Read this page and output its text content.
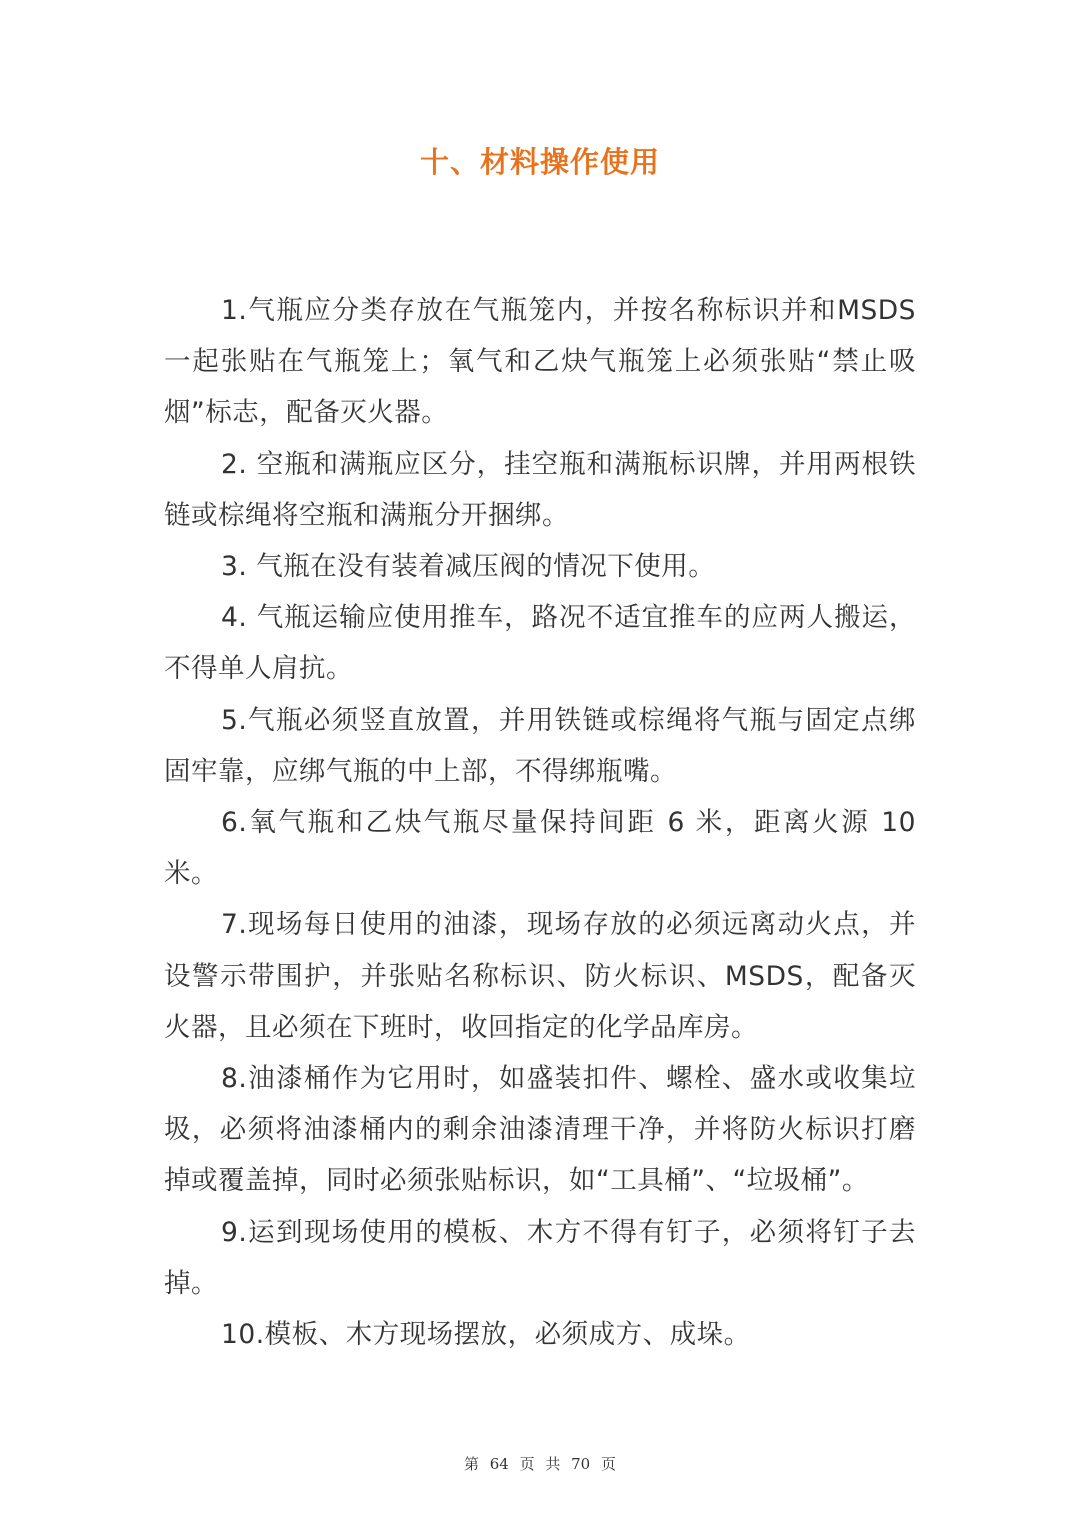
十、材料操作使用

1.气瓶应分类存放在气瓶笼内，并按名称标识并和MSDS 一起张贴在气瓶笼上；氧气和乙炔气瓶笼上必须张贴“禁止吸烟”标志，配备灭火器。

2. 空瓶和满瓶应区分，挂空瓶和满瓶标识牌，并用两根铁链或棕绳将空瓶和满瓶分开捆绑。

3. 气瓶在没有装着减压阀的情况下使用。

4. 气瓶运输应使用推车，路况不适宜推车的应两人搬运，不得单人肩抗。

5.气瓶必须竖直放置，并用铁链或棕绳将气瓶与固定点绑固牢靠，应绑气瓶的中上部，不得绑瓶嘴。

6.氧气瓶和乙炔气瓶尽量保持间距 6 米，距离火源 10 米。

7.现场每日使用的油漆，现场存放的必须远离动火点，并设警示带围护，并张贴名称标识、防火标识、MSDS，配备灭火器，且必须在下班时，收回指定的化学品库房。

8.油漆桶作为它用时，如盛装扣件、螺栓、盛水或收集垃圾，必须将油漆桶内的剩余油漆清理干净，并将防火标识打磨掉或覆盖掉，同时必须张贴标识，如“工具桶”、“垃圾桶”。

9.运到现场使用的模板、木方不得有钉子，必须将钉子去掉。

10.模板、木方现场摆放，必须成方、成垛。

第 64 页 共 70 页
